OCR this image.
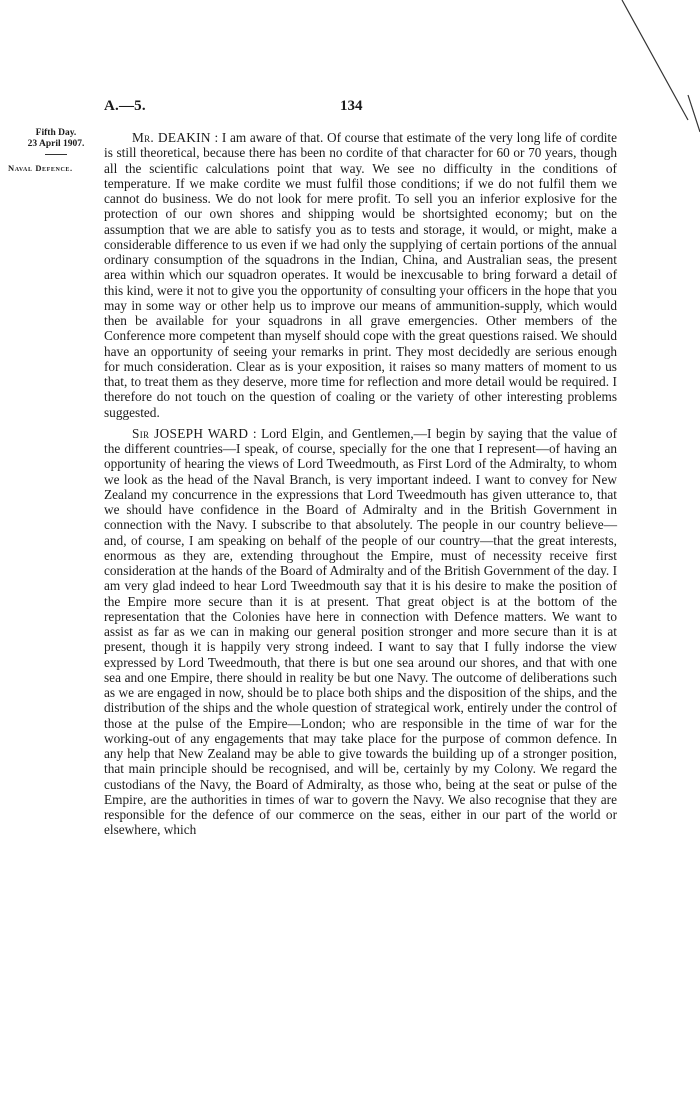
A.—5.	134
Fifth Day.
23 April 1907.
Naval Defence.

Mr. DEAKIN : I am aware of that. Of course that estimate of the very long life of cordite is still theoretical, because there has been no cordite of that character for 60 or 70 years, though all the scientific calculations point that way. We see no difficulty in the conditions of temperature. If we make cordite we must fulfil those conditions; if we do not fulfil them we cannot do business. We do not look for mere profit. To sell you an inferior explosive for the protection of our own shores and shipping would be shortsighted economy; but on the assumption that we are able to satisfy you as to tests and storage, it would, or might, make a considerable difference to us even if we had only the supplying of certain portions of the annual ordinary consumption of the squadrons in the Indian, China, and Australian seas, the present area within which our squadron operates. It would be inexcusable to bring forward a detail of this kind, were it not to give you the opportunity of consulting your officers in the hope that you may in some way or other help us to improve our means of ammunition-supply, which would then be available for your squadrons in all grave emergencies. Other members of the Conference more competent than myself should cope with the great questions raised. We should have an opportunity of seeing your remarks in print. They most decidedly are serious enough for much consideration. Clear as is your exposition, it raises so many matters of moment to us that, to treat them as they deserve, more time for reflection and more detail would be required. I therefore do not touch on the question of coaling or the variety of other interesting problems suggested.

Sir JOSEPH WARD : Lord Elgin, and Gentlemen,—I begin by saying that the value of the different countries—I speak, of course, specially for the one that I represent—of having an opportunity of hearing the views of Lord Tweedmouth, as First Lord of the Admiralty, to whom we look as the head of the Naval Branch, is very important indeed. I want to convey for New Zealand my concurrence in the expressions that Lord Tweedmouth has given utterance to, that we should have confidence in the Board of Admiralty and in the British Government in connection with the Navy. I subscribe to that absolutely. The people in our country believe—and, of course, I am speaking on behalf of the people of our country—that the great interests, enormous as they are, extending throughout the Empire, must of necessity receive first consideration at the hands of the Board of Admiralty and of the British Government of the day. I am very glad indeed to hear Lord Tweedmouth say that it is his desire to make the position of the Empire more secure than it is at present. That great object is at the bottom of the representation that the Colonies have here in connection with Defence matters. We want to assist as far as we can in making our general position stronger and more secure than it is at present, though it is happily very strong indeed. I want to say that I fully indorse the view expressed by Lord Tweedmouth, that there is but one sea around our shores, and that with one sea and one Empire, there should in reality be but one Navy. The outcome of deliberations such as we are engaged in now, should be to place both ships and the disposition of the ships, and the distribution of the ships and the whole question of strategical work, entirely under the control of those at the pulse of the Empire—London; who are responsible in the time of war for the working-out of any engagements that may take place for the purpose of common defence. In any help that New Zealand may be able to give towards the building up of a stronger position, that main principle should be recognised, and will be, certainly by my Colony. We regard the custodians of the Navy, the Board of Admiralty, as those who, being at the seat or pulse of the Empire, are the authorities in times of war to govern the Navy. We also recognise that they are responsible for the defence of our commerce on the seas, either in our part of the world or elsewhere, which
